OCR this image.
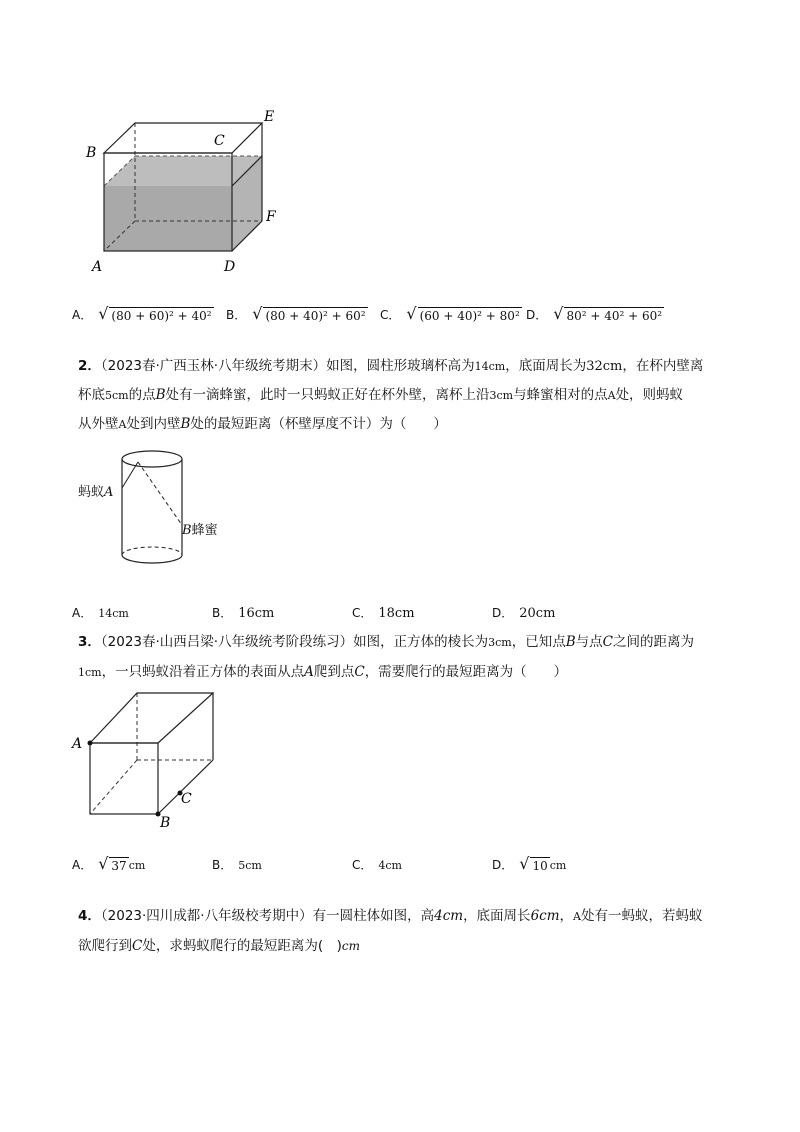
B
C
E
F
A	D
A． √ (80 + 60)² + 40² B． √ (80 + 40)² + 60² C． √ (60 + 40)² + 80² D． √ 80² + 40² + 60²
2．（2023春·广西玉林·八年级统考期末）如图，圆柱形玻璃杯高为14cm，底面周长为32cm，在杯内壁离
杯底5cm的点B处有一滴蜂蜜，此时一只蚂蚁正好在杯外壁，离杯上沿3cm与蜂蜜相对的点A处，则蚂蚁
从外壁A处到内壁B处的最短距离（杯壁厚度不计）为（　　）
蚂蚁A
B蜂蜜
A． 14cm	B． 16cm	C． 18cm	D． 20cm
3．（2023春·山西吕梁·八年级统考阶段练习）如图，正方体的棱长为3cm，已知点B与点C之间的距离为
1cm，一只蚂蚁沿着正方体的表面从点A爬到点C，需要爬行的最短距离为（　　）
A
C
B
A． √ 37 cm	B． 5cm	C． 4cm	D． √ 10 cm
4．（2023·四川成都·八年级校考期中）有一圆柱体如图，高4cm，底面周长6cm，A处有一蚂蚁，若蚂蚁
欲爬行到C处，求蚂蚁爬行的最短距离为(　)cm
